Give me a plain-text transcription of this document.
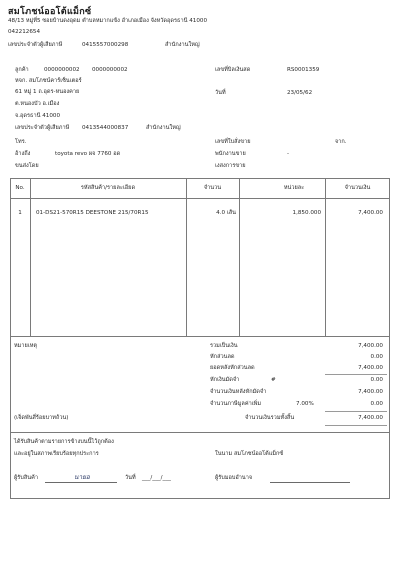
สมโภชน์ออโต้แม็กซ์
48/13 หมู่ที่5 ซอยบ้านดงอุดม ตำบลหมากแข้ง อำเภอเมือง จังหวัดอุดรธานี 41000
042212654
เลขประจำตัวผู้เสียภาษี	0415557000298	สำนักงานใหญ่
ลูกค้า	0000000002 0000000002
หจก. สมโภชน์คาร์เซ็นเตอร์
61 หมู่ 1 ถ.อุดร-หนองคาย
ต.หนองบัว อ.เมือง
จ.อุดรธานี 41000
เลขประจำตัวผู้เสียภาษี 0413544000837	สำนักงานใหญ่
โทร.
อ้างถึง	toyota revo ผจ 7760 อด
ขนส่งโดย
เลขที่บิลเงินสด	RS0001359
วันที่	23/05/62
เลขที่ใบสั่งขาย	จาก.
พนักงานขาย	-
เงสงการขาย
No.	รหัสสินค้า/รายละเอียด	จำนวน	หน่วยละ	จำนวนเงิน
1	01-DS21-570R15 DEESTONE 215/70R15	4.0 เส้น	1,850.000	7,400.00
หมายเหตุ
(เจ็ดพันสี่ร้อยบาทถ้วน)
รวมเป็นเงิน	7,400.00
หักส่วนลด	0.00
ยอดหลังหักส่วนลด	7,400.00
หักเงินมัดจำ	#	0.00
จำนวนเงินหลังหักมัดจำ	7,400.00
จำนวนภาษีมูลค่าเพิ่ม	7.00%	0.00
จำนวนเงินรวมทั้งสิ้น	7,400.00
ได้รับสินค้าตามรายการข้างบนนี้ไว้ถูกต้อง
และอยู่ในสภาพเรียบร้อยทุกประการ	ในนาม สมโภชน์ออโต้แม็กซ์
ผู้รับสินค้า	นายอ	วันที่ ___/___/___	ผู้รับมอบอำนาจ
